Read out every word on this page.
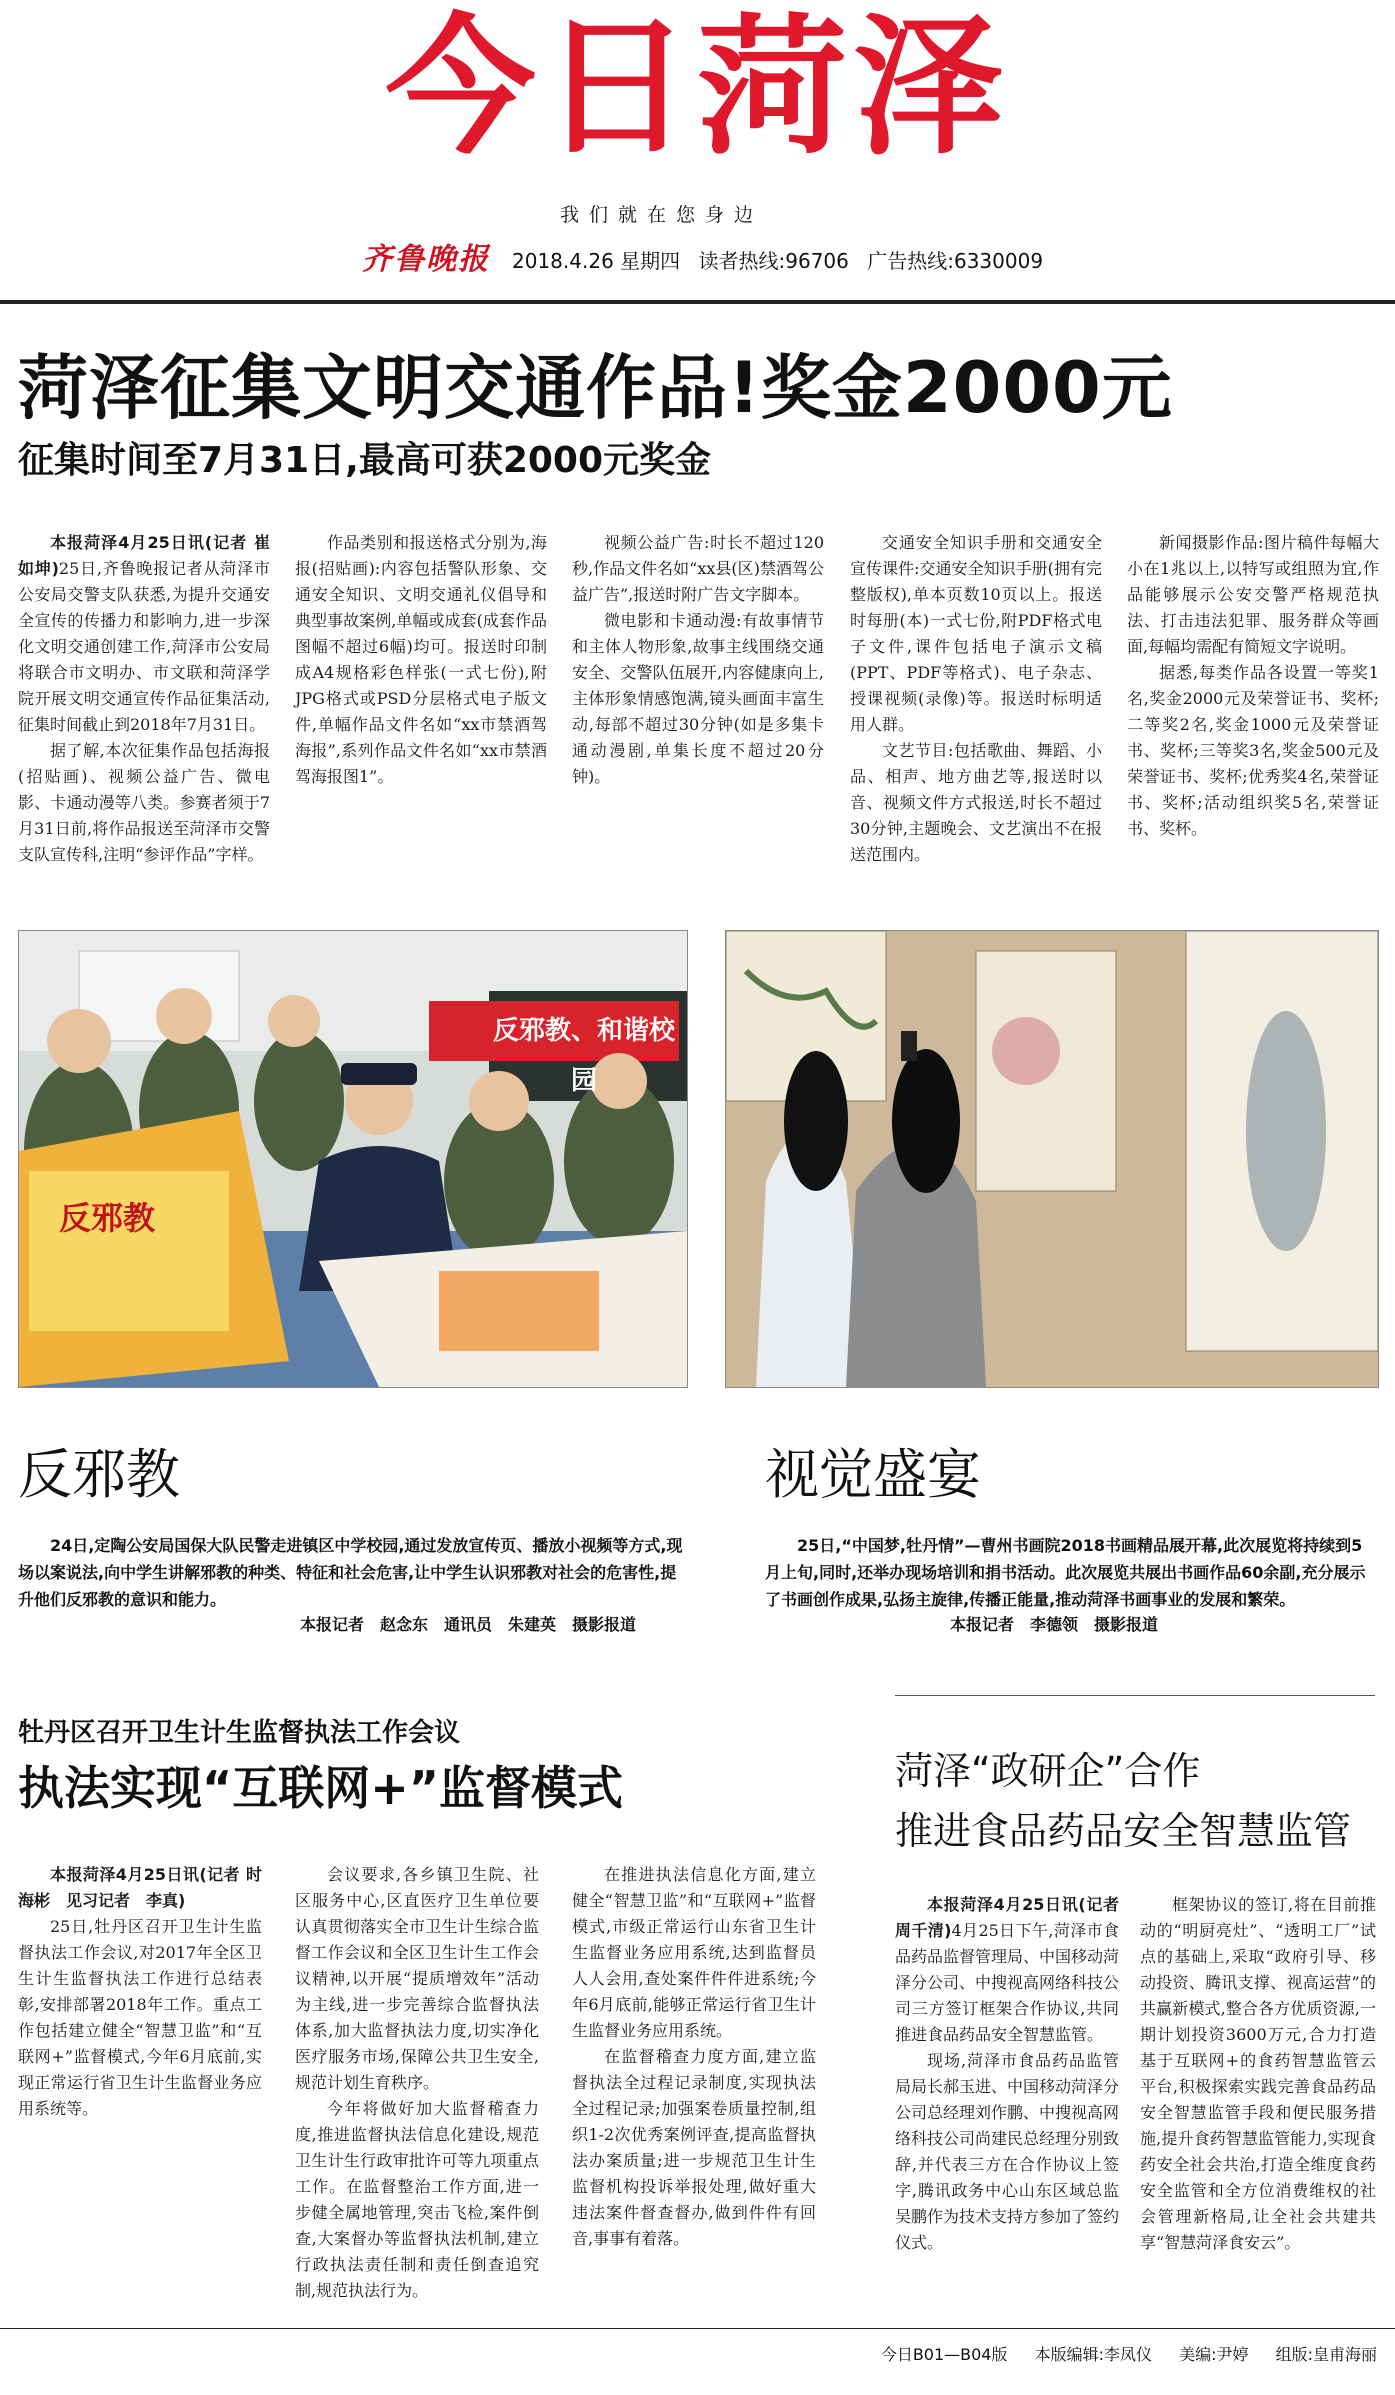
今日菏泽
我们就在您身边
齐鲁晚报 2018.4.26 星期四 读者热线:96706 广告热线:6330009
菏泽征集文明交通作品!奖金2000元
征集时间至7月31日,最高可获2000元奖金

本报菏泽4月25日讯(记者 崔如坤)25日,齐鲁晚报记者从菏泽市公安局交警支队获悉,为提升交通安全宣传的传播力和影响力,进一步深化文明交通创建工作,菏泽市公安局将联合市文明办、市文联和菏泽学院开展文明交通宣传作品征集活动,征集时间截止到2018年7月31日。

据了解,本次征集作品包括海报(招贴画)、视频公益广告、微电影、卡通动漫等八类。参赛者须于7月31日前,将作品报送至菏泽市交警支队宣传科,注明“参评作品”字样。

作品类别和报送格式分别为,海报(招贴画):内容包括警队形象、交通安全知识、文明交通礼仪倡导和典型事故案例,单幅或成套(成套作品图幅不超过6幅)均可。报送时印制成A4规格彩色样张(一式七份),附JPG格式或PSD分层格式电子版文件,单幅作品文件名如“xx市禁酒驾海报”,系列作品文件名如“xx市禁酒驾海报图1”。

视频公益广告:时长不超过120秒,作品文件名如“xx县(区)禁酒驾公益广告”,报送时附广告文字脚本。

微电影和卡通动漫:有故事情节和主体人物形象,故事主线围绕交通安全、交警队伍展开,内容健康向上,主体形象情感饱满,镜头画面丰富生动,每部不超过30分钟(如是多集卡通动漫剧,单集长度不超过20分钟)。

交通安全知识手册和交通安全宣传课件:交通安全知识手册(拥有完整版权),单本页数10页以上。报送时每册(本)一式七份,附PDF格式电子文件,课件包括电子演示文稿(PPT、PDF等格式)、电子杂志、授课视频(录像)等。报送时标明适用人群。

文艺节目:包括歌曲、舞蹈、小品、相声、地方曲艺等,报送时以音、视频文件方式报送,时长不超过30分钟,主题晚会、文艺演出不在报送范围内。

新闻摄影作品:图片稿件每幅大小在1兆以上,以特写或组照为宜,作品能够展示公安交警严格规范执法、打击违法犯罪、服务群众等画面,每幅均需配有简短文字说明。

据悉,每类作品各设置一等奖1名,奖金2000元及荣誉证书、奖杯;二等奖2名,奖金1000元及荣誉证书、奖杯;三等奖3名,奖金500元及荣誉证书、奖杯;优秀奖4名,荣誉证书、奖杯;活动组织奖5名,荣誉证书、奖杯。

反邪教、和谐校园
反邪教
反邪教	视觉盛宴

24日,定陶公安局国保大队民警走进镇区中学校园,通过发放宣传页、播放小视频等方式,现场以案说法,向中学生讲解邪教的种类、特征和社会危害,让中学生认识邪教对社会的危害性,提升他们反邪教的意识和能力。

本报记者　赵念东　通讯员　朱建英　摄影报道

25日,“中国梦,牡丹情”—曹州书画院2018书画精品展开幕,此次展览将持续到5月上旬,同时,还举办现场培训和捐书活动。此次展览共展出书画作品60余副,充分展示了书画创作成果,弘扬主旋律,传播正能量,推动菏泽书画事业的发展和繁荣。

本报记者　李德领　摄影报道
牡丹区召开卫生计生监督执法工作会议
执法实现“互联网+”监督模式

本报菏泽4月25日讯(记者 时海彬　见习记者　李真)

25日,牡丹区召开卫生计生监督执法工作会议,对2017年全区卫生计生监督执法工作进行总结表彰,安排部署2018年工作。重点工作包括建立健全“智慧卫监”和“互联网+”监督模式,今年6月底前,实现正常运行省卫生计生监督业务应用系统等。

会议要求,各乡镇卫生院、社区服务中心,区直医疗卫生单位要认真贯彻落实全市卫生计生综合监督工作会议和全区卫生计生工作会议精神,以开展“提质增效年”活动为主线,进一步完善综合监督执法体系,加大监督执法力度,切实净化医疗服务市场,保障公共卫生安全,规范计划生育秩序。

今年将做好加大监督稽查力度,推进监督执法信息化建设,规范卫生计生行政审批许可等九项重点工作。在监督整治工作方面,进一步健全属地管理,突击飞检,案件倒查,大案督办等监督执法机制,建立行政执法责任制和责任倒查追究制,规范执法行为。

在推进执法信息化方面,建立健全“智慧卫监”和“互联网+”监督模式,市级正常运行山东省卫生计生监督业务应用系统,达到监督员人人会用,查处案件件件进系统;今年6月底前,能够正常运行省卫生计生监督业务应用系统。

在监督稽查力度方面,建立监督执法全过程记录制度,实现执法全过程记录;加强案卷质量控制,组织1-2次优秀案例评查,提高监督执法办案质量;进一步规范卫生计生监督机构投诉举报处理,做好重大违法案件督查督办,做到件件有回音,事事有着落。

菏泽“政研企”合作
推进食品药品安全智慧监管

本报菏泽4月25日讯(记者　周千清)4月25日下午,菏泽市食品药品监督管理局、中国移动菏泽分公司、中搜视高网络科技公司三方签订框架合作协议,共同推进食品药品安全智慧监管。

现场,菏泽市食品药品监管局局长郝玉进、中国移动菏泽分公司总经理刘作鹏、中搜视高网络科技公司尚建民总经理分别致辞,并代表三方在合作协议上签字,腾讯政务中心山东区域总监吴鹏作为技术支持方参加了签约仪式。

框架协议的签订,将在目前推动的“明厨亮灶”、“透明工厂”试点的基础上,采取“政府引导、移动投资、腾讯支撑、视高运营”的共赢新模式,整合各方优质资源,一期计划投资3600万元,合力打造基于互联网+的食药智慧监管云平台,积极探索实践完善食品药品安全智慧监管手段和便民服务措施,提升食药智慧监管能力,实现食药安全社会共治,打造全维度食药安全监管和全方位消费维权的社会管理新格局,让全社会共建共享“智慧菏泽食安云”。

今日B01—B04版 本版编辑:李凤仪 美编:尹婷 组版:皇甫海丽
